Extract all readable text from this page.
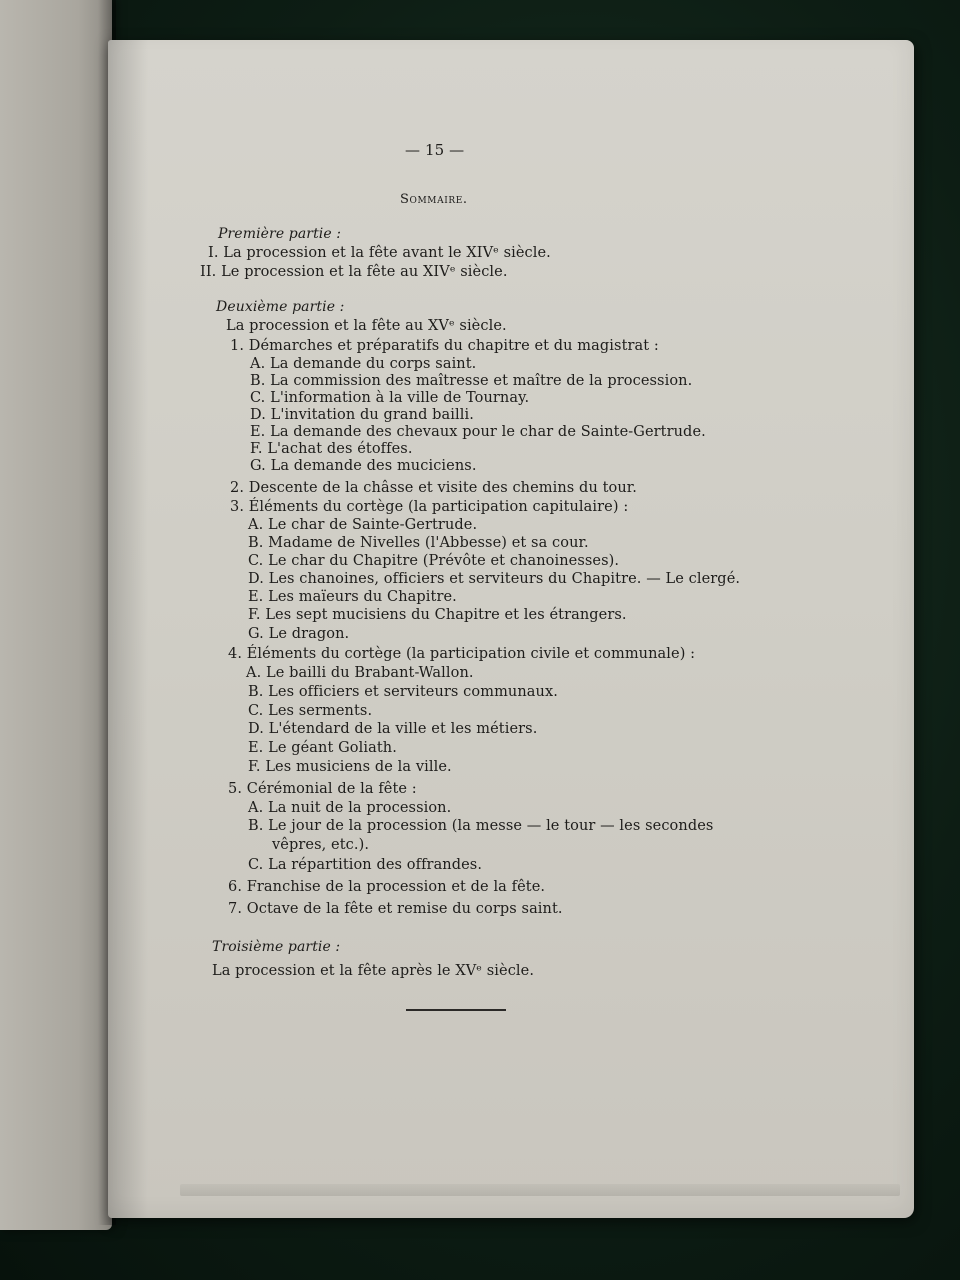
— 15 —
Sommaire.
Première partie :
I. La procession et la fête avant le XIVᵉ siècle.
II. Le procession et la fête au XIVᵉ siècle.
Deuxième partie :
La procession et la fête au XVᵉ siècle.
1. Démarches et préparatifs du chapitre et du magistrat :
A. La demande du corps saint.
B. La commission des maîtresse et maître de la procession.
C. L'information à la ville de Tournay.
D. L'invitation du grand bailli.
E. La demande des chevaux pour le char de Sainte-Gertrude.
F. L'achat des étoffes.
G. La demande des muciciens.
2. Descente de la châsse et visite des chemins du tour.
3. Éléments du cortège (la participation capitulaire) :
A. Le char de Sainte-Gertrude.
B. Madame de Nivelles (l'Abbesse) et sa cour.
C. Le char du Chapitre (Prévôte et chanoinesses).
D. Les chanoines, officiers et serviteurs du Chapitre. — Le clergé.
E. Les maïeurs du Chapitre.
F. Les sept mucisiens du Chapitre et les étrangers.
G. Le dragon.
4. Éléments du cortège (la participation civile et communale) :
A. Le bailli du Brabant-Wallon.
B. Les officiers et serviteurs communaux.
C. Les serments.
D. L'étendard de la ville et les métiers.
E. Le géant Goliath.
F. Les musiciens de la ville.
5. Cérémonial de la fête :
A. La nuit de la procession.
B. Le jour de la procession (la messe — le tour — les secondes
vêpres, etc.).
C. La répartition des offrandes.
6. Franchise de la procession et de la fête.
7. Octave de la fête et remise du corps saint.
Troisième partie :
La procession et la fête après le XVᵉ siècle.
